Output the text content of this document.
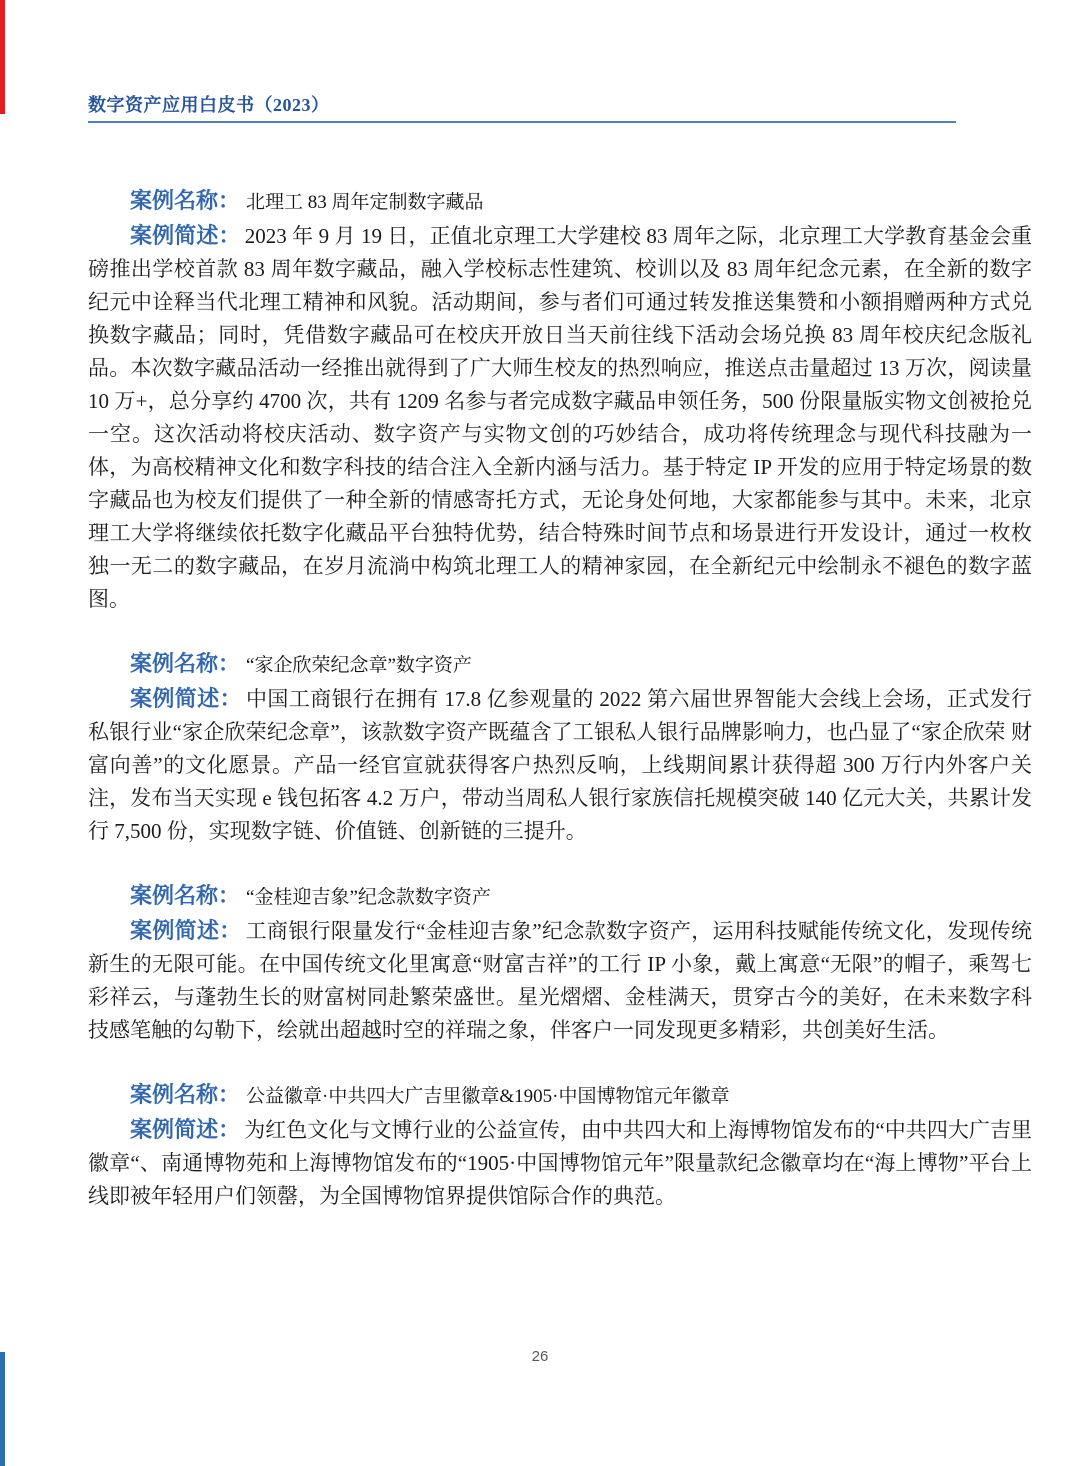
数字资产应用白皮书（2023）

案例名称： 北理工 83 周年定制数字藏品

案例简述： 2023 年 9 月 19 日，正值北京理工大学建校 83 周年之际，北京理工大学教育基金会重磅推出学校首款 83 周年数字藏品，融入学校标志性建筑、校训以及 83 周年纪念元素，在全新的数字纪元中诠释当代北理工精神和风貌。活动期间，参与者们可通过转发推送集赞和小额捐赠两种方式兑换数字藏品；同时，凭借数字藏品可在校庆开放日当天前往线下活动会场兑换 83 周年校庆纪念版礼品。本次数字藏品活动一经推出就得到了广大师生校友的热烈响应，推送点击量超过 13 万次，阅读量 10 万+，总分享约 4700 次，共有 1209 名参与者完成数字藏品申领任务，500 份限量版实物文创被抢兑一空。这次活动将校庆活动、数字资产与实物文创的巧妙结合，成功将传统理念与现代科技融为一体，为高校精神文化和数字科技的结合注入全新内涵与活力。基于特定 IP 开发的应用于特定场景的数字藏品也为校友们提供了一种全新的情感寄托方式，无论身处何地，大家都能参与其中。未来，北京理工大学将继续依托数字化藏品平台独特优势，结合特殊时间节点和场景进行开发设计，通过一枚枚独一无二的数字藏品，在岁月流淌中构筑北理工人的精神家园，在全新纪元中绘制永不褪色的数字蓝图。

案例名称： “家企欣荣纪念章”数字资产

案例简述： 中国工商银行在拥有 17.8 亿参观量的 2022 第六届世界智能大会线上会场，正式发行私银行业“家企欣荣纪念章”，该款数字资产既蕴含了工银私人银行品牌影响力，也凸显了“家企欣荣 财富向善”的文化愿景。产品一经官宣就获得客户热烈反响，上线期间累计获得超 300 万行内外客户关注，发布当天实现 e 钱包拓客 4.2 万户，带动当周私人银行家族信托规模突破 140 亿元大关，共累计发行 7,500 份，实现数字链、价值链、创新链的三提升。

案例名称： “金桂迎吉象”纪念款数字资产

案例简述： 工商银行限量发行“金桂迎吉象”纪念款数字资产，运用科技赋能传统文化，发现传统新生的无限可能。在中国传统文化里寓意“财富吉祥”的工行 IP 小象，戴上寓意“无限”的帽子，乘驾七彩祥云，与蓬勃生长的财富树同赴繁荣盛世。星光熠熠、金桂满天，贯穿古今的美好，在未来数字科技感笔触的勾勒下，绘就出超越时空的祥瑞之象，伴客户一同发现更多精彩，共创美好生活。

案例名称： 公益徽章·中共四大广吉里徽章&1905·中国博物馆元年徽章

案例简述： 为红色文化与文博行业的公益宣传，由中共四大和上海博物馆发布的“中共四大广吉里徽章“、南通博物苑和上海博物馆发布的“1905·中国博物馆元年”限量款纪念徽章均在“海上博物”平台上线即被年轻用户们领罄，为全国博物馆界提供馆际合作的典范。

26
